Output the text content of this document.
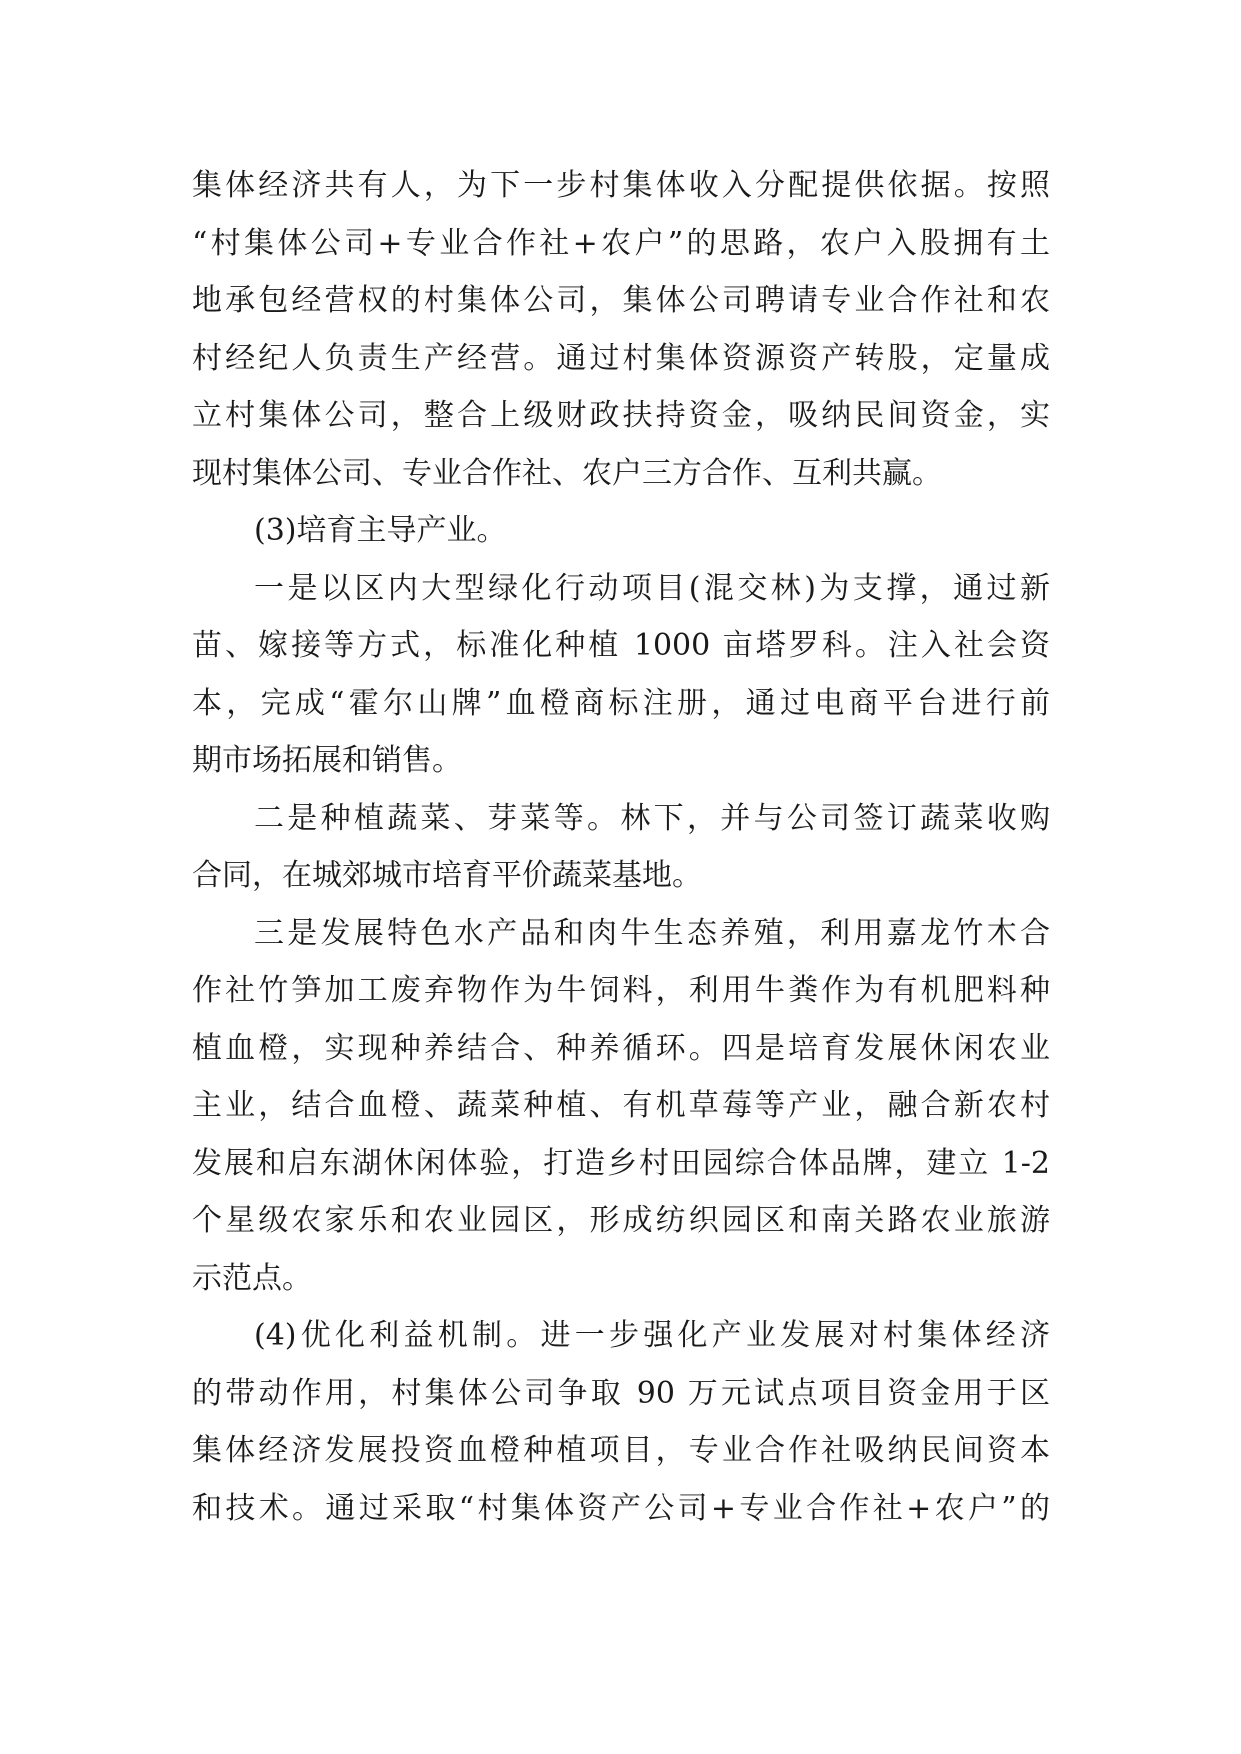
集体经济共有人，为下一步村集体收入分配提供依据。按照
“村集体公司+专业合作社+农户”的思路，农户入股拥有土
地承包经营权的村集体公司，集体公司聘请专业合作社和农
村经纪人负责生产经营。通过村集体资源资产转股，定量成
立村集体公司，整合上级财政扶持资金，吸纳民间资金，实
现村集体公司、专业合作社、农户三方合作、互利共赢。
(3)培育主导产业。
一是以区内大型绿化行动项目(混交林)为支撑，通过新
苗、嫁接等方式，标准化种植 1000 亩塔罗科。注入社会资
本，完成“霍尔山牌”血橙商标注册，通过电商平台进行前
期市场拓展和销售。
二是种植蔬菜、芽菜等。林下，并与公司签订蔬菜收购
合同，在城郊城市培育平价蔬菜基地。
三是发展特色水产品和肉牛生态养殖，利用嘉龙竹木合
作社竹笋加工废弃物作为牛饲料，利用牛粪作为有机肥料种
植血橙，实现种养结合、种养循环。四是培育发展休闲农业
主业，结合血橙、蔬菜种植、有机草莓等产业，融合新农村
发展和启东湖休闲体验，打造乡村田园综合体品牌，建立 1-2
个星级农家乐和农业园区，形成纺织园区和南关路农业旅游
示范点。
(4)优化利益机制。进一步强化产业发展对村集体经济
的带动作用，村集体公司争取 90 万元试点项目资金用于区
集体经济发展投资血橙种植项目，专业合作社吸纳民间资本
和技术。通过采取“村集体资产公司+专业合作社+农户”的
